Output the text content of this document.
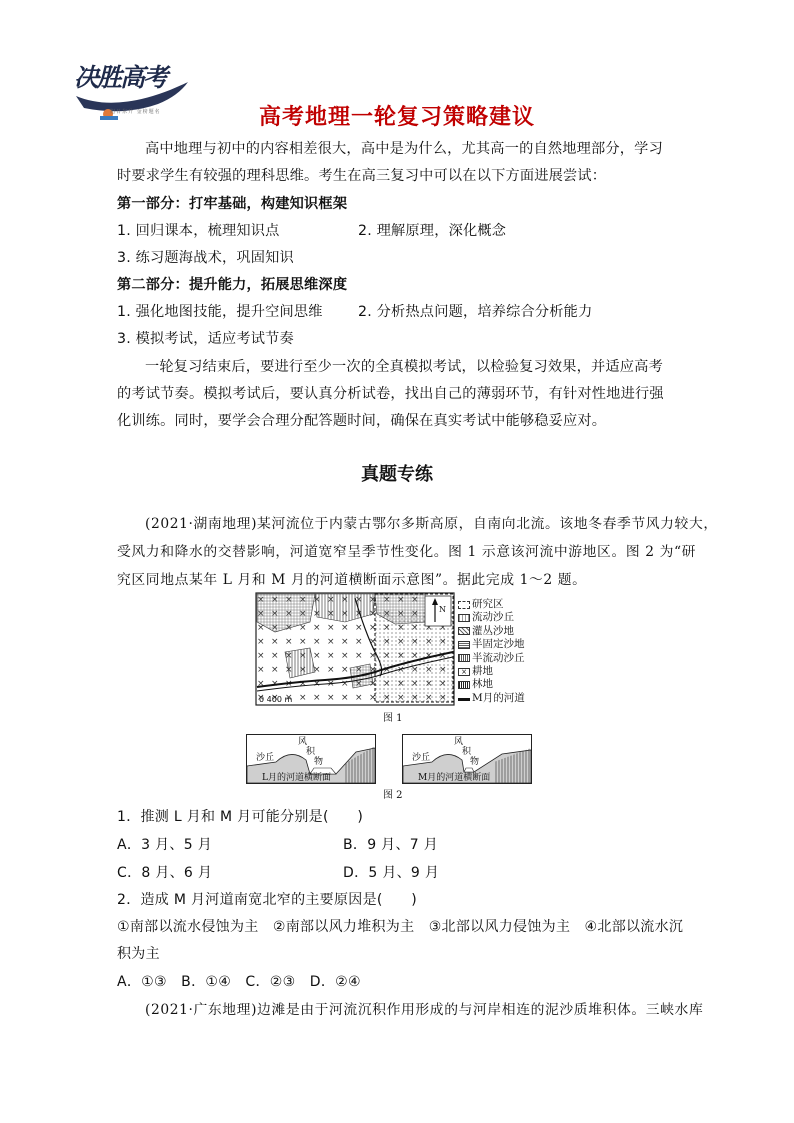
决胜高考
旭日东升 金榜题名	高考地理一轮复习策略建议
高中地理与初中的内容相差很大，高中是为什么，尤其高一的自然地理部分，学习
时要求学生有较强的理科思维。考生在高三复习中可以在以下方面进展尝试：
第一部分：打牢基础，构建知识框架
1. 回归课本，梳理知识点	2. 理解原理，深化概念
3. 练习题海战术，巩固知识
第二部分：提升能力，拓展思维深度
1. 强化地图技能，提升空间思维	2. 分析热点问题，培养综合分析能力
3. 模拟考试，适应考试节奏
一轮复习结束后，要进行至少一次的全真模拟考试，以检验复习效果，并适应高考
的考试节奏。模拟考试后，要认真分析试卷，找出自己的薄弱环节，有针对性地进行强
化训练。同时，要学会合理分配答题时间，确保在真实考试中能够稳妥应对。
真题专练
(2021·湖南地理)某河流位于内蒙古鄂尔多斯高原，自南向北流。该地冬春季节风力较大，
受风力和降水的交替影响，河道宽窄呈季节性变化。图 1 示意该河流中游地区。图 2 为“研
究区同地点某年 L 月和 M 月的河道横断面示意图”。据此完成 1～2 题。
N
0 400 m
图 1
研究区
流动沙丘
灌丛沙地
半固定沙地
半流动沙丘
× 耕地
林地
M月的河道
沙丘
风
积
物
L月的河道横断面
沙丘
风
积
物
M月的河道横断面
图 2
1．推测 L 月和 M 月可能分别是(　　)
A．3 月、5 月	B．9 月、7 月
C．8 月、6 月	D．5 月、9 月
2．造成 M 月河道南宽北窄的主要原因是(　　)
①南部以流水侵蚀为主　②南部以风力堆积为主　③北部以风力侵蚀为主　④北部以流水沉
积为主
A．①③　B．①④　C．②③　D．②④
(2021·广东地理)边滩是由于河流沉积作用形成的与河岸相连的泥沙质堆积体。三峡水库
